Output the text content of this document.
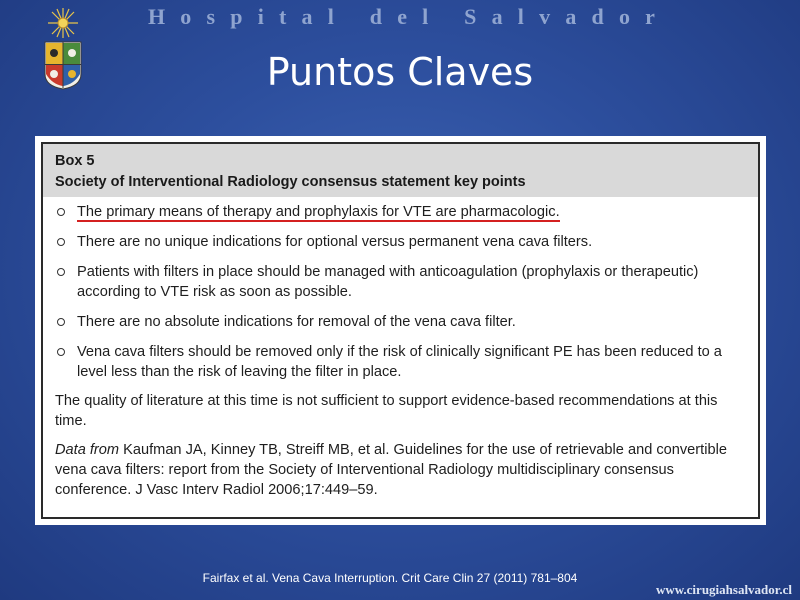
Hospital del Salvador
Puntos Claves
Box 5
Society of Interventional Radiology consensus statement key points
The primary means of therapy and prophylaxis for VTE are pharmacologic.
There are no unique indications for optional versus permanent vena cava filters.
Patients with filters in place should be managed with anticoagulation (prophylaxis or therapeutic) according to VTE risk as soon as possible.
There are no absolute indications for removal of the vena cava filter.
Vena cava filters should be removed only if the risk of clinically significant PE has been reduced to a level less than the risk of leaving the filter in place.
The quality of literature at this time is not sufficient to support evidence-based recommendations at this time.
Data from Kaufman JA, Kinney TB, Streiff MB, et al. Guidelines for the use of retrievable and convertible vena cava filters: report from the Society of Interventional Radiology multidisciplinary consensus conference. J Vasc Interv Radiol 2006;17:449–59.
Fairfax et al. Vena Cava Interruption. Crit Care Clin 27 (2011) 781–804
www.cirugiahsalvador.cl
